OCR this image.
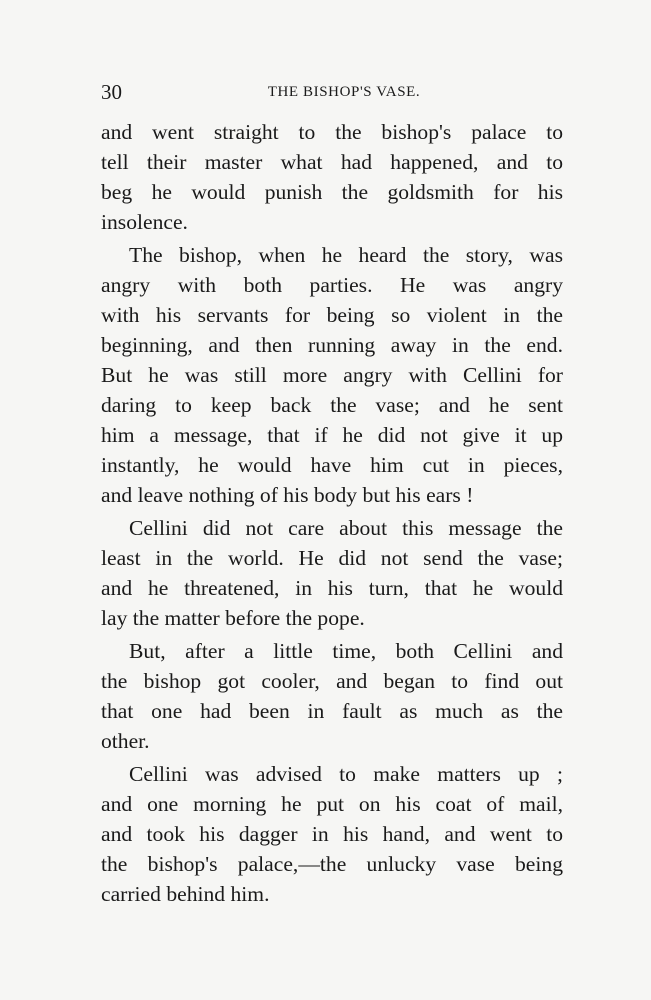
30	THE BISHOP'S VASE.

and went straight to the bishop's palace to
tell their master what had happened, and to
beg he would punish the goldsmith for his
insolence.

The bishop, when he heard the story, was
angry with both parties. He was angry
with his servants for being so violent in the
beginning, and then running away in the end.
But he was still more angry with Cellini for
daring to keep back the vase; and he sent
him a message, that if he did not give it up
instantly, he would have him cut in pieces,
and leave nothing of his body but his ears !

Cellini did not care about this message the
least in the world. He did not send the vase;
and he threatened, in his turn, that he would
lay the matter before the pope.

But, after a little time, both Cellini and
the bishop got cooler, and began to find out
that one had been in fault as much as the
other.

Cellini was advised to make matters up ;
and one morning he put on his coat of mail,
and took his dagger in his hand, and went to
the bishop's palace,—the unlucky vase being
carried behind him.
